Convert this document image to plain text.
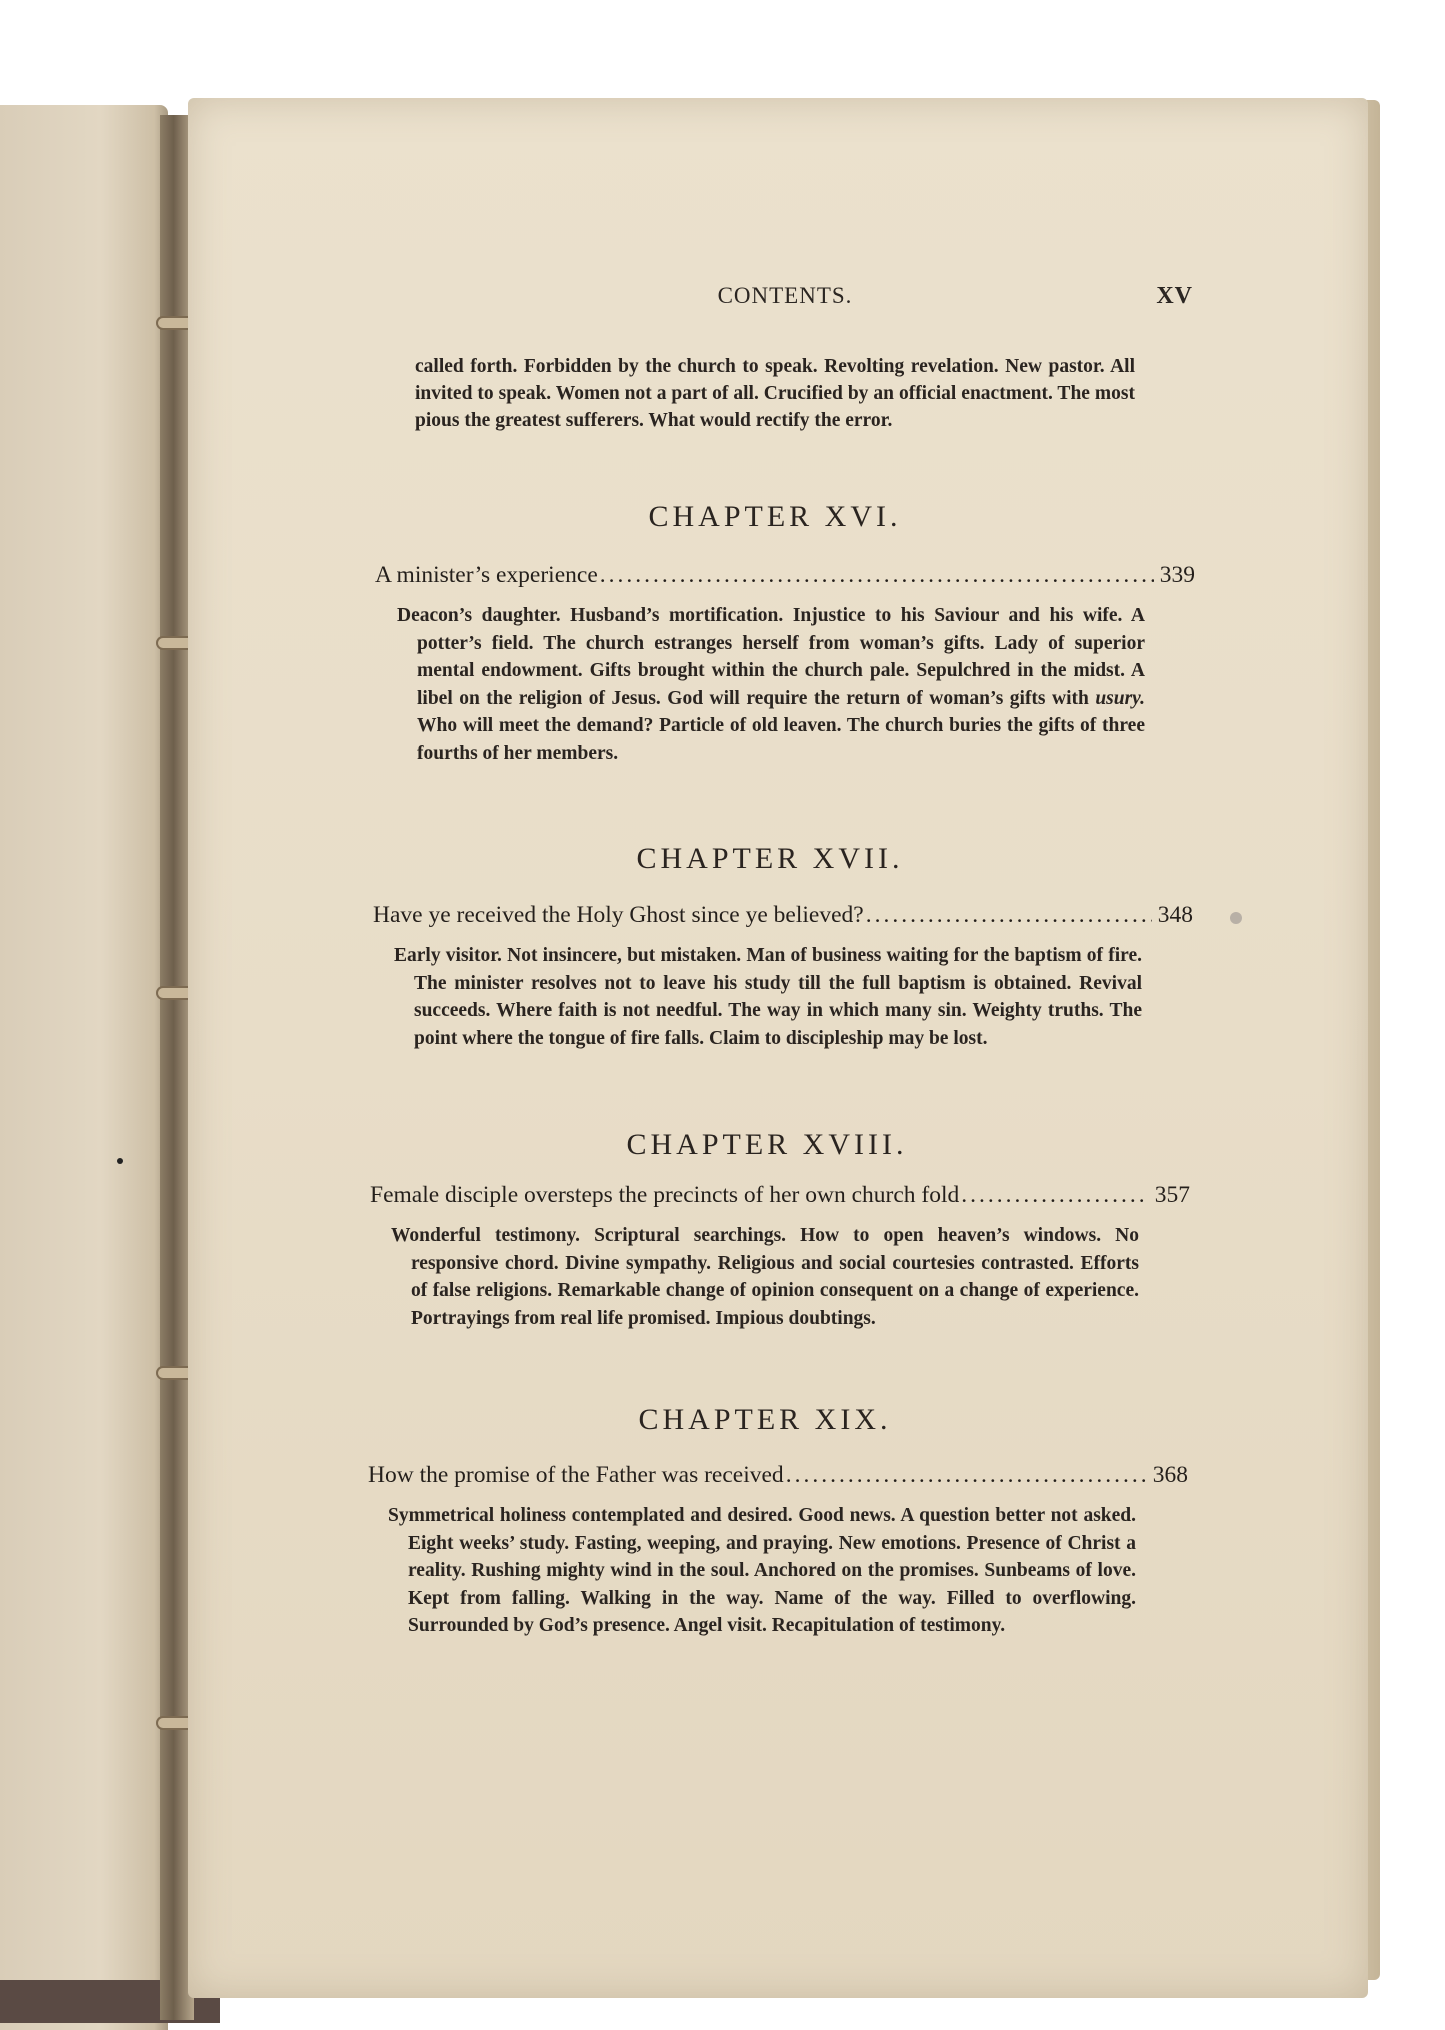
CONTENTS.	XV
called forth. Forbidden by the church to speak. Revolting revelation. New pastor. All invited to speak. Women not a part of all. Crucified by an official enactment. The most pious the greatest sufferers. What would rectify the error.
CHAPTER XVI.
A minister’s experience .....	339
Deacon’s daughter. Husband’s mortification. Injustice to his Saviour and his wife. A potter’s field. The church estranges herself from woman’s gifts. Lady of superior mental endowment. Gifts brought within the church pale. Sepulchred in the midst. A libel on the religion of Jesus. God will require the return of woman’s gifts with usury. Who will meet the demand? Particle of old leaven. The church buries the gifts of three fourths of her members.
CHAPTER XVII.
Have ye received the Holy Ghost since ye believed? .....	348
Early visitor. Not insincere, but mistaken. Man of business waiting for the baptism of fire. The minister resolves not to leave his study till the full baptism is obtained. Revival succeeds. Where faith is not needful. The way in which many sin. Weighty truths. The point where the tongue of fire falls. Claim to discipleship may be lost.
CHAPTER XVIII.
Female disciple oversteps the precincts of her own church fold .....	357
Wonderful testimony. Scriptural searchings. How to open heaven’s windows. No responsive chord. Divine sympathy. Religious and social courtesies contrasted. Efforts of false religions. Remarkable change of opinion consequent on a change of experience. Portrayings from real life promised. Impious doubtings.
CHAPTER XIX.
How the promise of the Father was received .....	368
Symmetrical holiness contemplated and desired. Good news. A question better not asked. Eight weeks’ study. Fasting, weeping, and praying. New emotions. Presence of Christ a reality. Rushing mighty wind in the soul. Anchored on the promises. Sunbeams of love. Kept from falling. Walking in the way. Name of the way. Filled to overflowing. Surrounded by God’s presence. Angel visit. Recapitulation of testimony.
